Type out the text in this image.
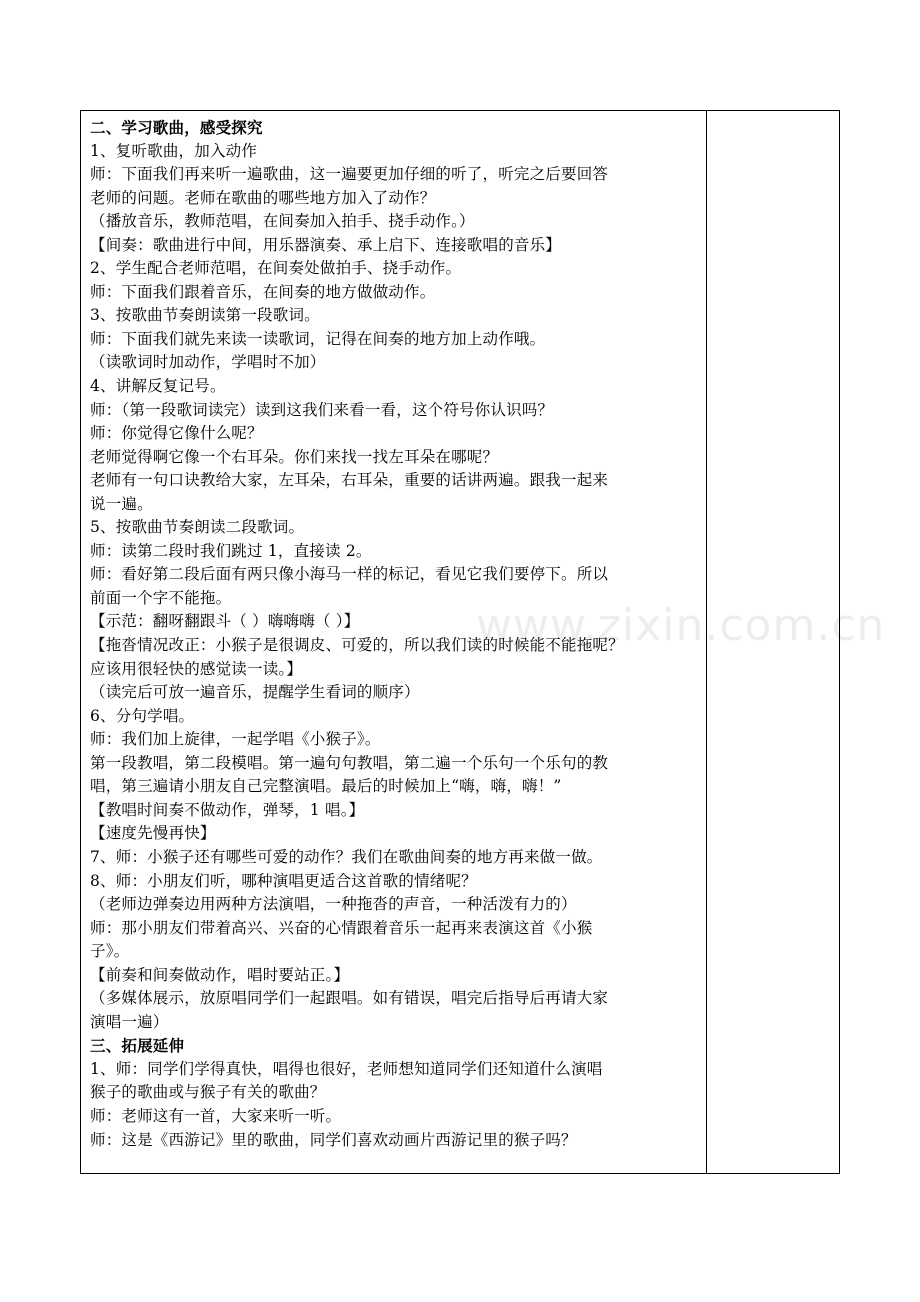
二、学习歌曲，感受探究
1、复听歌曲，加入动作
师：下面我们再来听一遍歌曲，这一遍要更加仔细的听了，听完之后要回答
老师的问题。老师在歌曲的哪些地方加入了动作？
（播放音乐，教师范唱，在间奏加入拍手、挠手动作。）
【间奏：歌曲进行中间，用乐器演奏、承上启下、连接歌唱的音乐】
2、学生配合老师范唱，在间奏处做拍手、挠手动作。
师：下面我们跟着音乐，在间奏的地方做做动作。
3、按歌曲节奏朗读第一段歌词。
师：下面我们就先来读一读歌词，记得在间奏的地方加上动作哦。
（读歌词时加动作，学唱时不加）
4、讲解反复记号。
师：（第一段歌词读完）读到这我们来看一看，这个符号你认识吗？
师：你觉得它像什么呢？
老师觉得啊它像一个右耳朵。你们来找一找左耳朵在哪呢？
老师有一句口诀教给大家，左耳朵，右耳朵，重要的话讲两遍。跟我一起来
说一遍。
5、按歌曲节奏朗读二段歌词。
师：读第二段时我们跳过 1，直接读 2。
师：看好第二段后面有两只像小海马一样的标记，看见它我们要停下。所以
前面一个字不能拖。
【示范：翻呀翻跟斗（ ）嗨嗨嗨（ ）】
【拖沓情况改正：小猴子是很调皮、可爱的，所以我们读的时候能不能拖呢？
应该用很轻快的感觉读一读。】
（读完后可放一遍音乐，提醒学生看词的顺序）
6、分句学唱。
师：我们加上旋律，一起学唱《小猴子》。
第一段教唱，第二段模唱。第一遍句句教唱，第二遍一个乐句一个乐句的教
唱，第三遍请小朋友自己完整演唱。最后的时候加上“嗨，嗨，嗨！”
【教唱时间奏不做动作，弹琴，1 唱。】
【速度先慢再快】
7、师：小猴子还有哪些可爱的动作？我们在歌曲间奏的地方再来做一做。
8、师：小朋友们听，哪种演唱更适合这首歌的情绪呢？
（老师边弹奏边用两种方法演唱，一种拖沓的声音，一种活泼有力的）
师：那小朋友们带着高兴、兴奋的心情跟着音乐一起再来表演这首《小猴
子》。
【前奏和间奏做动作，唱时要站正。】
（多媒体展示，放原唱同学们一起跟唱。如有错误，唱完后指导后再请大家
演唱一遍）
三、拓展延伸
1、师：同学们学得真快，唱得也很好，老师想知道同学们还知道什么演唱
猴子的歌曲或与猴子有关的歌曲？
师：老师这有一首，大家来听一听。
师：这是《西游记》里的歌曲，同学们喜欢动画片西游记里的猴子吗？
www.zixin.com.cn
